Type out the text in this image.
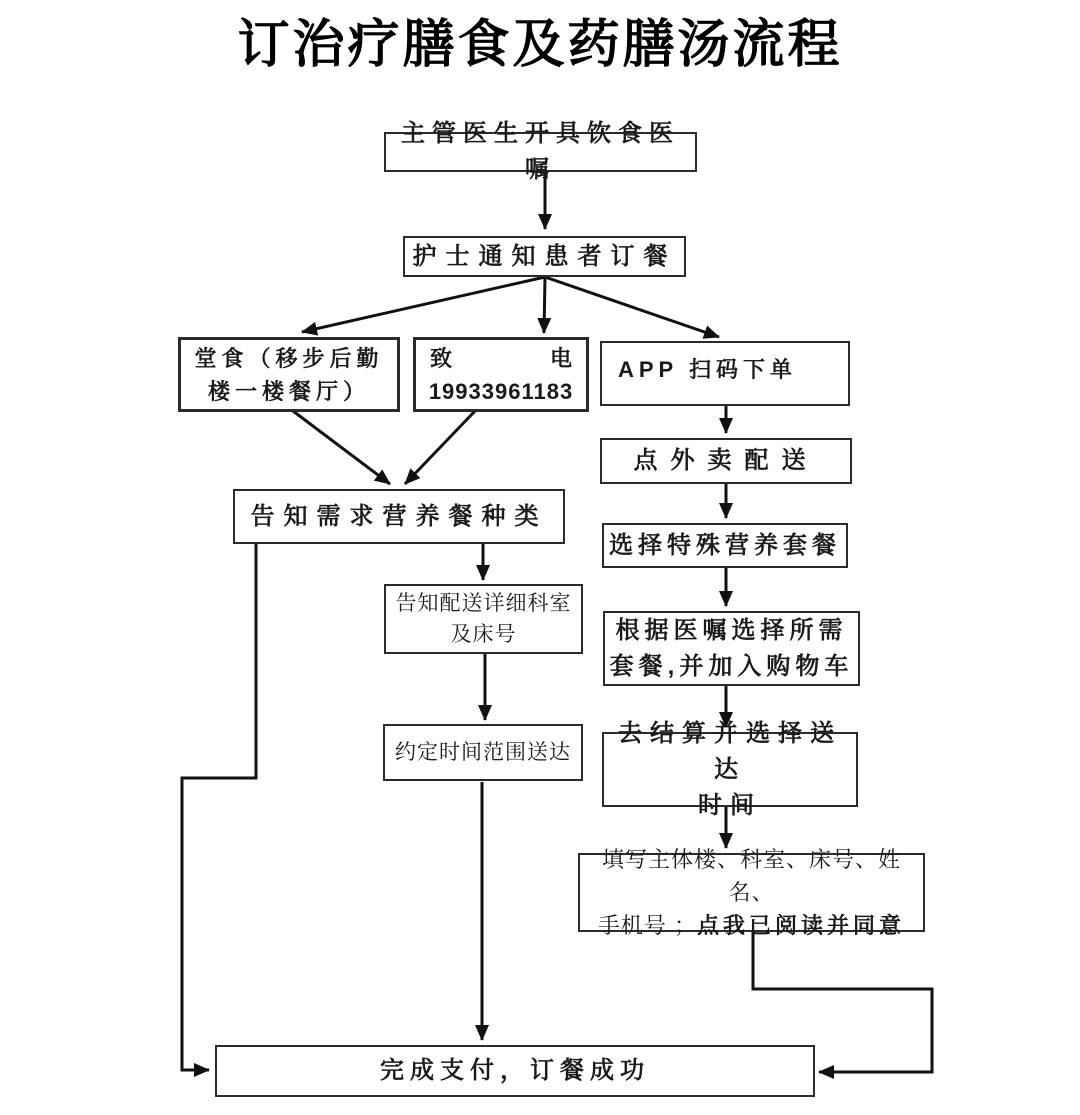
订治疗膳食及药膳汤流程
主管医生开具饮食医嘱
护士通知患者订餐
堂食（移步后勤
楼一楼餐厅）
致	电
19933961183
APP 扫码下单
告知需求营养餐种类
告知配送详细科室
及床号
约定时间范围送达
点外卖配送
选择特殊营养套餐
根据医嘱选择所需
套餐,并加入购物车
去结算并选择送达
时间
填写主体楼、科室、床号、姓名、
手机号 ；点我已阅读并同意
完成支付，订餐成功
